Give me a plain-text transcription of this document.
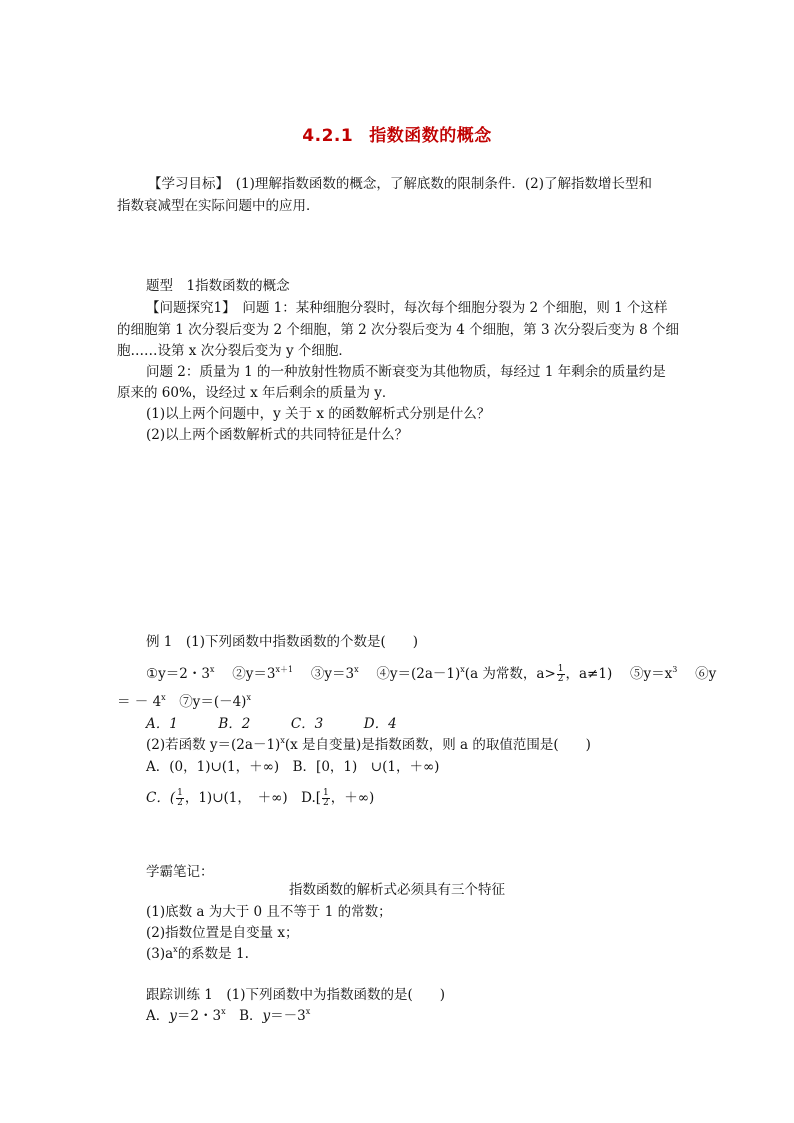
4.2.1 指数函数的概念
【学习目标】　(1)理解指数函数的概念，了解底数的限制条件．(2)了解指数增长型和
指数衰减型在实际问题中的应用．
题型　1指数函数的概念
【问题探究1】　问题 1：某种细胞分裂时，每次每个细胞分裂为 2 个细胞，则 1 个这样
的细胞第 1 次分裂后变为 2 个细胞，第 2 次分裂后变为 4 个细胞，第 3 次分裂后变为 8 个细
胞……设第 x 次分裂后变为 y 个细胞．
问题 2：质量为 1 的一种放射性物质不断衰变为其他物质，每经过 1 年剩余的质量约是
原来的 60%，设经过 x 年后剩余的质量为 y．
(1)以上两个问题中，y 关于 x 的函数解析式分别是什么？
(2)以上两个函数解析式的共同特征是什么？
例 1　(1)下列函数中指数函数的个数是(　　)
①y＝2・3$^x$　 $②y=3^{x+1}$　 $③y=3^x$　 $④y=(2a-1)^x(a$ 为常数，$a> \frac{1}{2}$ ，a≠1)　 $⑤y=x^3$　 ⑥y
＝ － $4^x$　 $⑦y=(-4)^x$
A．1　　　B．2　　　C．3　　　D．4
(2)若函数 $y=(2a-1)^x(x$ 是自变量)是指数函数，则 a 的取值范围是(　　)
A．(0，1)∪(1，＋∞)　B．[0，1)　∪(1，＋∞)
C．( $\frac{1}{2}$ ，1)∪(1，　＋∞)　$D.[ \frac{1}{2}$ ，＋∞)
学霸笔记：
指数函数的解析式必须具有三个特征
(1)底数 a 为大于 0 且不等于 1 的常数；
(2)指数位置是自变量 x；
$(3)a^x$的系数是 1.
跟踪训练 1　(1)下列函数中为指数函数的是(　　)
A．y＝2・3$^x$　B．$y=-3^x$
